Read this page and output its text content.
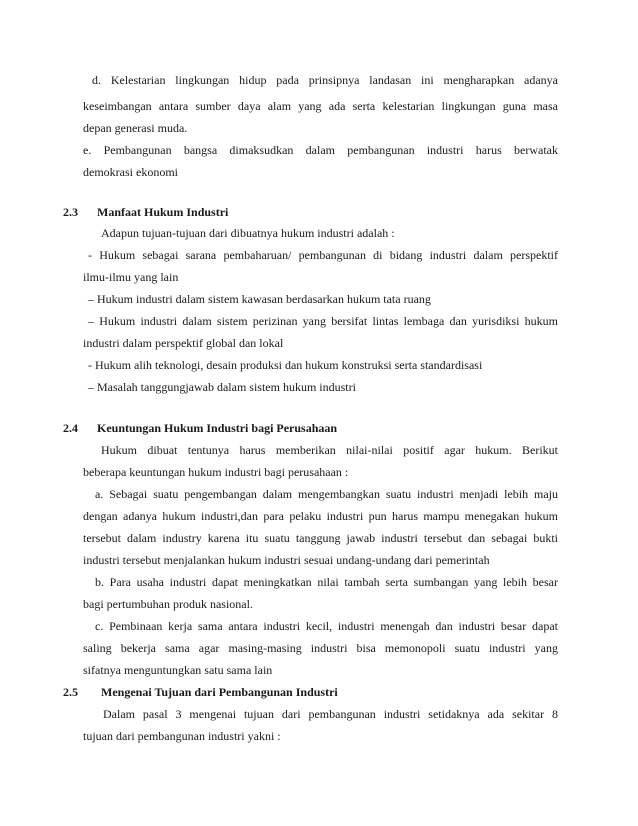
d. Kelestarian lingkungan hidup pada prinsipnya landasan ini mengharapkan adanya
keseimbangan antara sumber daya alam yang ada serta kelestarian lingkungan guna masa
depan generasi muda.
e. Pembangunan bangsa dimaksudkan dalam pembangunan industri harus berwatak
demokrasi ekonomi
2.3 Manfaat Hukum Industri
Adapun tujuan-tujuan dari dibuatnya hukum industri adalah :
- Hukum sebagai sarana pembaharuan/ pembangunan di bidang industri dalam perspektif
ilmu-ilmu yang lain
– Hukum industri dalam sistem kawasan berdasarkan hukum tata ruang
– Hukum industri dalam sistem perizinan yang bersifat lintas lembaga dan yurisdiksi hukum
industri dalam perspektif global dan lokal
- Hukum alih teknologi, desain produksi dan hukum konstruksi serta standardisasi
– Masalah tanggungjawab dalam sistem hukum industri
2.4 Keuntungan Hukum Industri bagi Perusahaan
Hukum dibuat tentunya harus memberikan nilai-nilai positif agar hukum. Berikut
beberapa keuntungan hukum industri bagi perusahaan :
a. Sebagai suatu pengembangan dalam mengembangkan suatu industri menjadi lebih maju
dengan adanya hukum industri,dan para pelaku industri pun harus mampu menegakan hukum
tersebut dalam industry karena itu suatu tanggung jawab industri tersebut dan sebagai bukti
industri tersebut menjalankan hukum industri sesuai undang-undang dari pemerintah
b. Para usaha industri dapat meningkatkan nilai tambah serta sumbangan yang lebih besar
bagi pertumbuhan produk nasional.
c. Pembinaan kerja sama antara industri kecil, industri menengah dan industri besar dapat
saling bekerja sama agar masing-masing industri bisa memonopoli suatu industri yang
sifatnya menguntungkan satu sama lain
2.5 Mengenai Tujuan dari Pembangunan Industri
Dalam pasal 3 mengenai tujuan dari pembangunan industri setidaknya ada sekitar 8
tujuan dari pembangunan industri yakni :
